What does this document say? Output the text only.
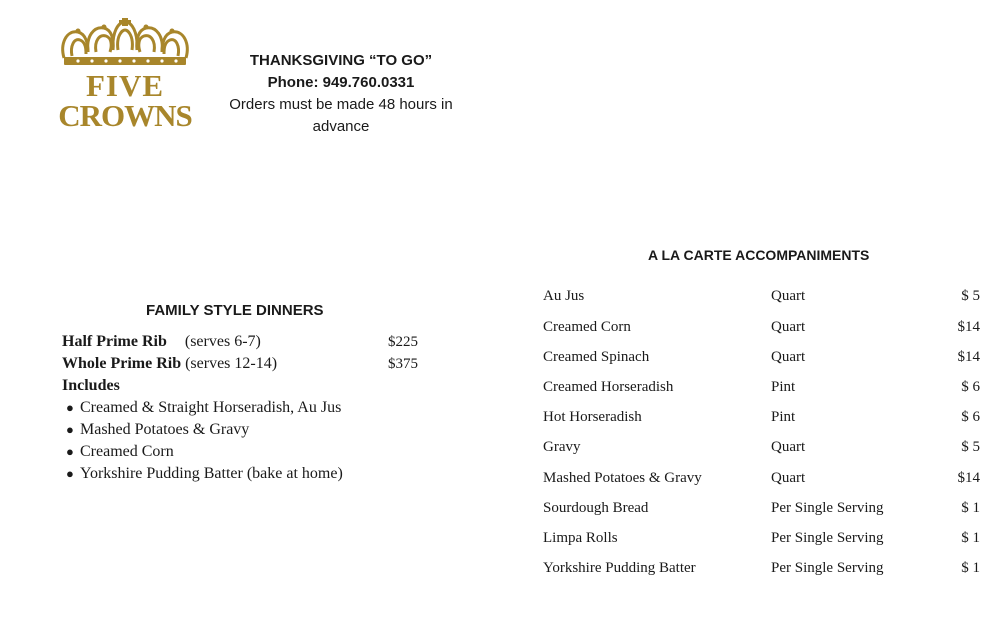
FIVE
CROWNS
THANKSGIVING “TO GO”
Phone: 949.760.0331
Orders must be made 48 hours in advance
FAMILY STYLE DINNERS
Half Prime Rib (serves 6-7)	$225
Whole Prime Rib (serves 12-14)	$375
Includes
● Creamed & Straight Horseradish, Au Jus
● Mashed Potatoes & Gravy
● Creamed Corn
● Yorkshire Pudding Batter (bake at home)
A LA CARTE ACCOMPANIMENTS
Au Jus	Quart	$ 5
Creamed Corn	Quart	$14
Creamed Spinach	Quart	$14
Creamed Horseradish	Pint	$ 6
Hot Horseradish	Pint	$ 6
Gravy	Quart	$ 5
Mashed Potatoes & Gravy	Quart	$14
Sourdough Bread	Per Single Serving	$ 1
Limpa Rolls	Per Single Serving	$ 1
Yorkshire Pudding Batter	Per Single Serving	$ 1
